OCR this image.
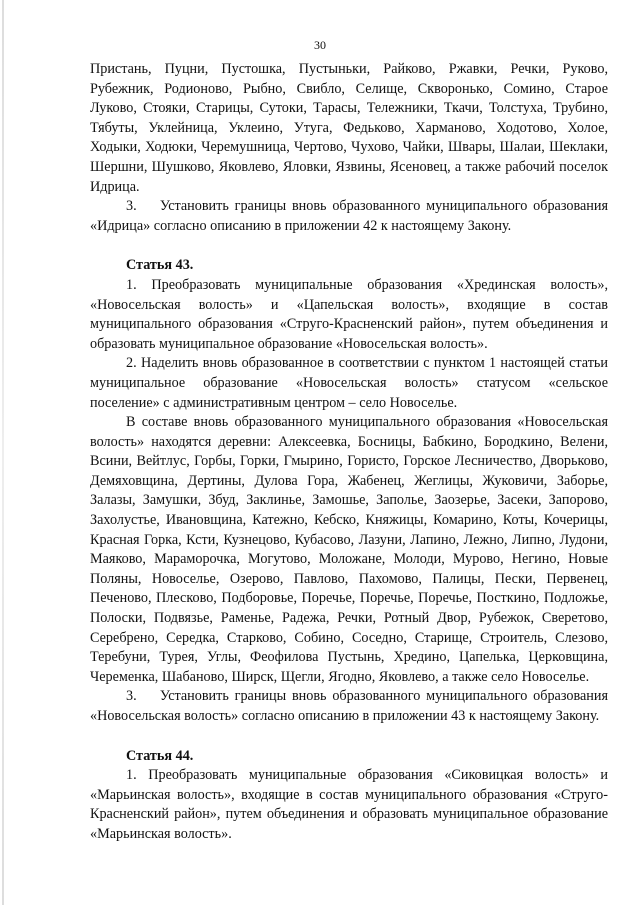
30

Пристань, Пуцни, Пустошка, Пустыньки, Райково, Ржавки, Речки, Руково, Рубежник, Родионово, Рыбно, Свибло, Селище, Скворонько, Сомино, Старое Луково, Стояки, Старицы, Сутоки, Тарасы, Тележники, Ткачи, Толстуха, Трубино, Тябуты, Уклейница, Уклеино, Утуга, Федьково, Харманово, Ходотово, Холое, Ходыки, Ходюки, Черемушница, Чертово, Чухово, Чайки, Швары, Шалаи, Шеклаки, Шершни, Шушково, Яковлево, Яловки, Язвины, Ясеновец, а также рабочий поселок Идрица.

3.    Установить границы вновь образованного муниципального образования «Идрица» согласно описанию в приложении 42 к настоящему Закону.

Статья 43.

1. Преобразовать муниципальные образования «Хрединская волость», «Новосельская волость» и «Цапельская волость», входящие в состав муниципального образования «Струго-Красненский район», путем объединения и образовать муниципальное образование «Новосельская волость».

2. Наделить вновь образованное в соответствии с пунктом 1 настоящей статьи муниципальное образование «Новосельская волость» статусом «сельское поселение» с административным центром – село Новоселье.

В составе вновь образованного муниципального образования «Новосельская волость» находятся деревни: Алексеевка, Босницы, Бабкино, Бородкино, Велени, Всини, Вейтлус, Горбы, Горки, Гмырино, Гористо, Горское Лесничество, Дворьково, Демяховщина, Дертины, Дулова Гора, Жабенец, Жеглицы, Жуковичи, Заборье, Залазы, Замушки, Збуд, Заклинье, Замошье, Заполье, Заозерье, Засеки, Запорово, Захолустье, Ивановщина, Катежно, Кебско, Княжицы, Комарино, Коты, Кочерицы, Красная Горка, Ксти, Кузнецово, Кубасово, Лазуни, Лапино, Лежно, Липно, Лудони, Маяково, Мараморочка, Могутово, Моложане, Молоди, Мурово, Негино, Новые Поляны, Новоселье, Озерово, Павлово, Пахомово, Палицы, Пески, Первенец, Печеново, Плесково, Подборовье, Поречье, Поречье, Поречье, Посткино, Подложье, Полоски, Подвязье, Раменье, Радежа, Речки, Ротный Двор, Рубежок, Сверетово, Серебрено, Середка, Старково, Собино, Соседно, Старище, Строитель, Слезово, Теребуни, Турея, Углы, Феофилова Пустынь, Хредино, Цапелька, Церковщина, Череменка, Шабаново, Ширск, Щегли, Ягодно, Яковлево, а также село Новоселье.

3.    Установить границы вновь образованного муниципального образования «Новосельская волость» согласно описанию в приложении 43 к настоящему Закону.

Статья 44.

1. Преобразовать муниципальные образования «Сиковицкая волость» и «Марьинская волость», входящие в состав муниципального образования «Струго-Красненский район», путем объединения и образовать муниципальное образование «Марьинская волость».
